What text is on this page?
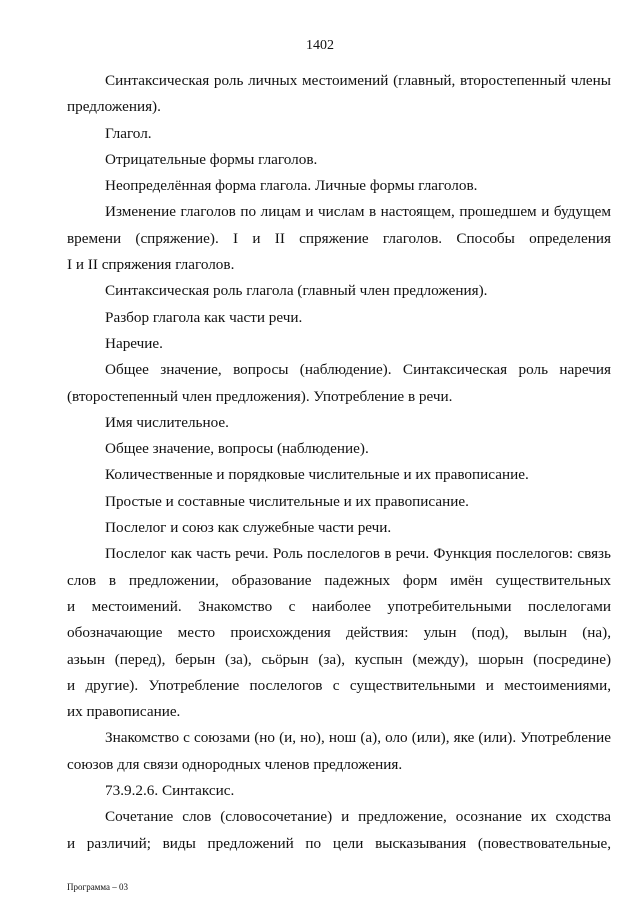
1402
Синтаксическая роль личных местоимений (главный, второстепенный члены
предложения).
Глагол.
Отрицательные формы глаголов.
Неопределённая форма глагола. Личные формы глаголов.
Изменение глаголов по лицам и числам в настоящем, прошедшем и будущем
времени (спряжение). I и II спряжение глаголов. Способы определения
I и II спряжения глаголов.
Синтаксическая роль глагола (главный член предложения).
Разбор глагола как части речи.
Наречие.
Общее значение, вопросы (наблюдение). Синтаксическая роль наречия
(второстепенный член предложения). Употребление в речи.
Имя числительное.
Общее значение, вопросы (наблюдение).
Количественные и порядковые числительные и их правописание.
Простые и составные числительные и их правописание.
Послелог и союз как служебные части речи.
Послелог как часть речи. Роль послелогов в речи. Функция послелогов: связь
слов в предложении, образование падежных форм имён существительных
и местоимений. Знакомство с наиболее употребительными послелогами
обозначающие место происхождения действия: улын (под), вылын (на),
азьын (перед), берын (за), сьӧрын (за), куспын (между), шорын (посредине)
и другие). Употребление послелогов с существительными и местоимениями,
их правописание.
Знакомство с союзами (но (и, но), нош (а), оло (или), яке (или). Употребление
союзов для связи однородных членов предложения.
73.9.2.6. Синтаксис.
Сочетание слов (словосочетание) и предложение, осознание их сходства
и различий; виды предложений по цели высказывания (повествовательные,
Программа – 03
